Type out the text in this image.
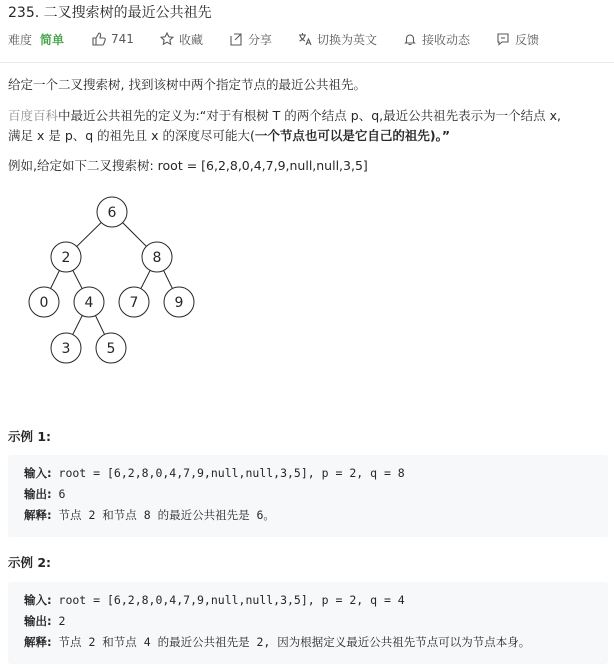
235. 二叉搜索树的最近公共祖先
难度 简单	741	收藏	分享	切换为英文	接收动态	反馈
给定一个二叉搜索树, 找到该树中两个指定节点的最近公共祖先。
百度百科中最近公共祖先的定义为:“对于有根树 T 的两个结点 p、q,最近公共祖先表示为一个结点 x,
满足 x 是 p、q 的祖先且 x 的深度尽可能大(一个节点也可以是它自己的祖先)。”
例如,给定如下二叉搜索树: root = [6,2,8,0,4,7,9,null,null,3,5]
6
2	8
0	4	7	9
3	5
示例 1:
输入: root = [6,2,8,0,4,7,9,null,null,3,5], p = 2, q = 8
输出: 6
解释: 节点 2 和节点 8 的最近公共祖先是 6。
示例 2:
输入: root = [6,2,8,0,4,7,9,null,null,3,5], p = 2, q = 4
输出: 2
解释: 节点 2 和节点 4 的最近公共祖先是 2, 因为根据定义最近公共祖先节点可以为节点本身。
